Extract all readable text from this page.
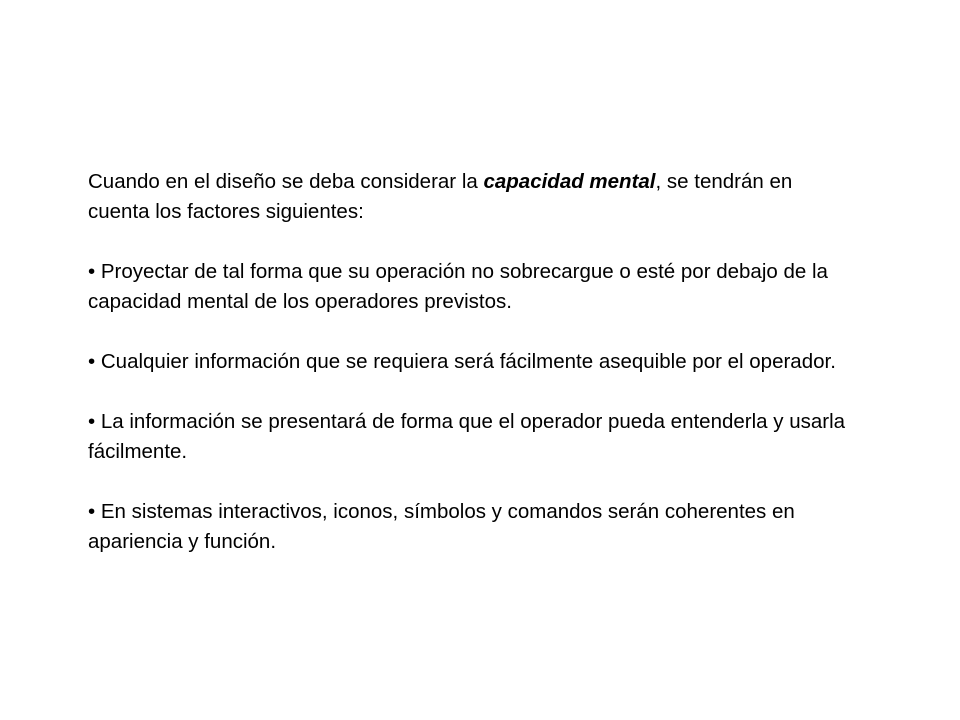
Cuando en el diseño se deba considerar la capacidad mental, se tendrán en cuenta los factores siguientes:

• Proyectar de tal forma que su operación no sobrecargue o esté por debajo de la capacidad mental de los operadores previstos.

• Cualquier información que se requiera será fácilmente asequible por el operador.

• La información se presentará de forma que el operador pueda entenderla y usarla fácilmente.

• En sistemas interactivos, iconos, símbolos y comandos serán coherentes en apariencia y función.
